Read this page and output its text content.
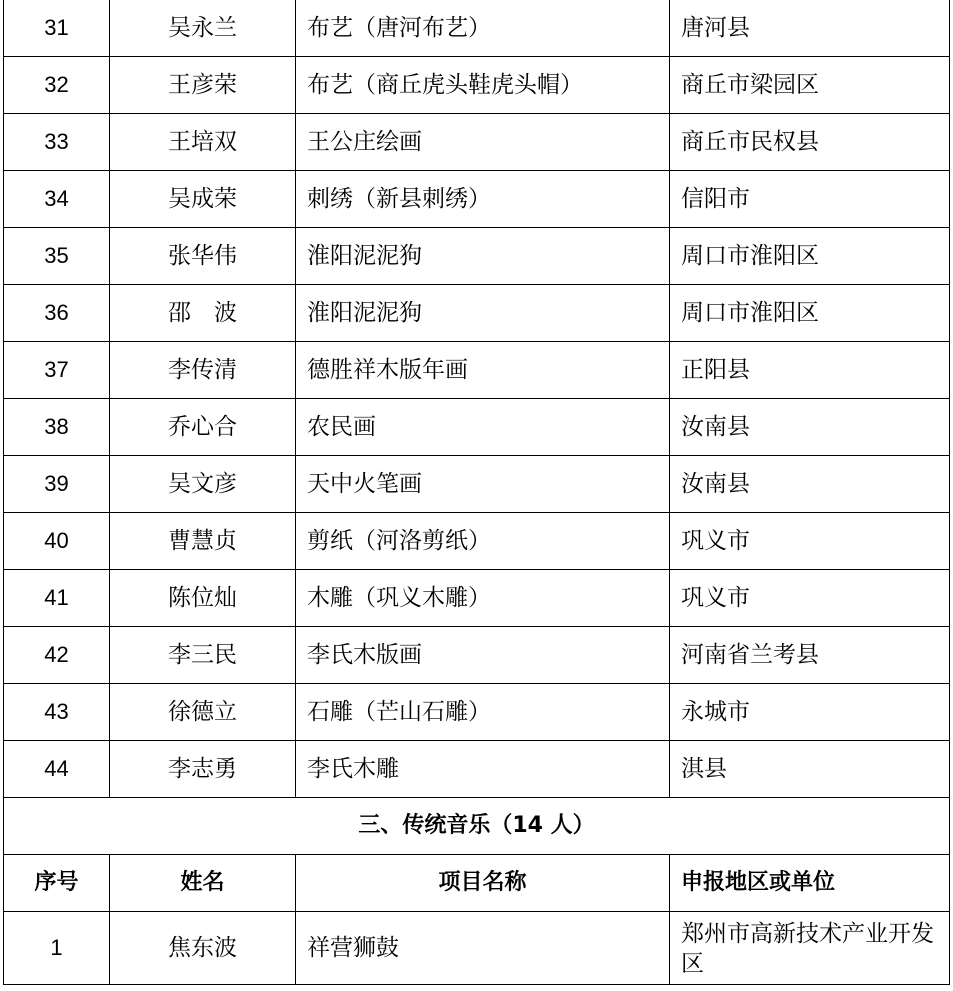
31	吴永兰	布艺（唐河布艺）	唐河县
32	王彦荣	布艺（商丘虎头鞋虎头帽）	商丘市梁园区
33	王培双	王公庄绘画	商丘市民权县
34	吴成荣	刺绣（新县刺绣）	信阳市
35	张华伟	淮阳泥泥狗	周口市淮阳区
36	邵　波	淮阳泥泥狗	周口市淮阳区
37	李传清	德胜祥木版年画	正阳县
38	乔心合	农民画	汝南县
39	吴文彦	天中火笔画	汝南县
40	曹慧贞	剪纸（河洛剪纸）	巩义市
41	陈位灿	木雕（巩义木雕）	巩义市
42	李三民	李氏木版画	河南省兰考县
43	徐德立	石雕（芒山石雕）	永城市
44	李志勇	李氏木雕	淇县
三、传统音乐（14 人）			
序号	姓名	项目名称	申报地区或单位
1	焦东波	祥营狮鼓	郑州市高新技术产业开发区
